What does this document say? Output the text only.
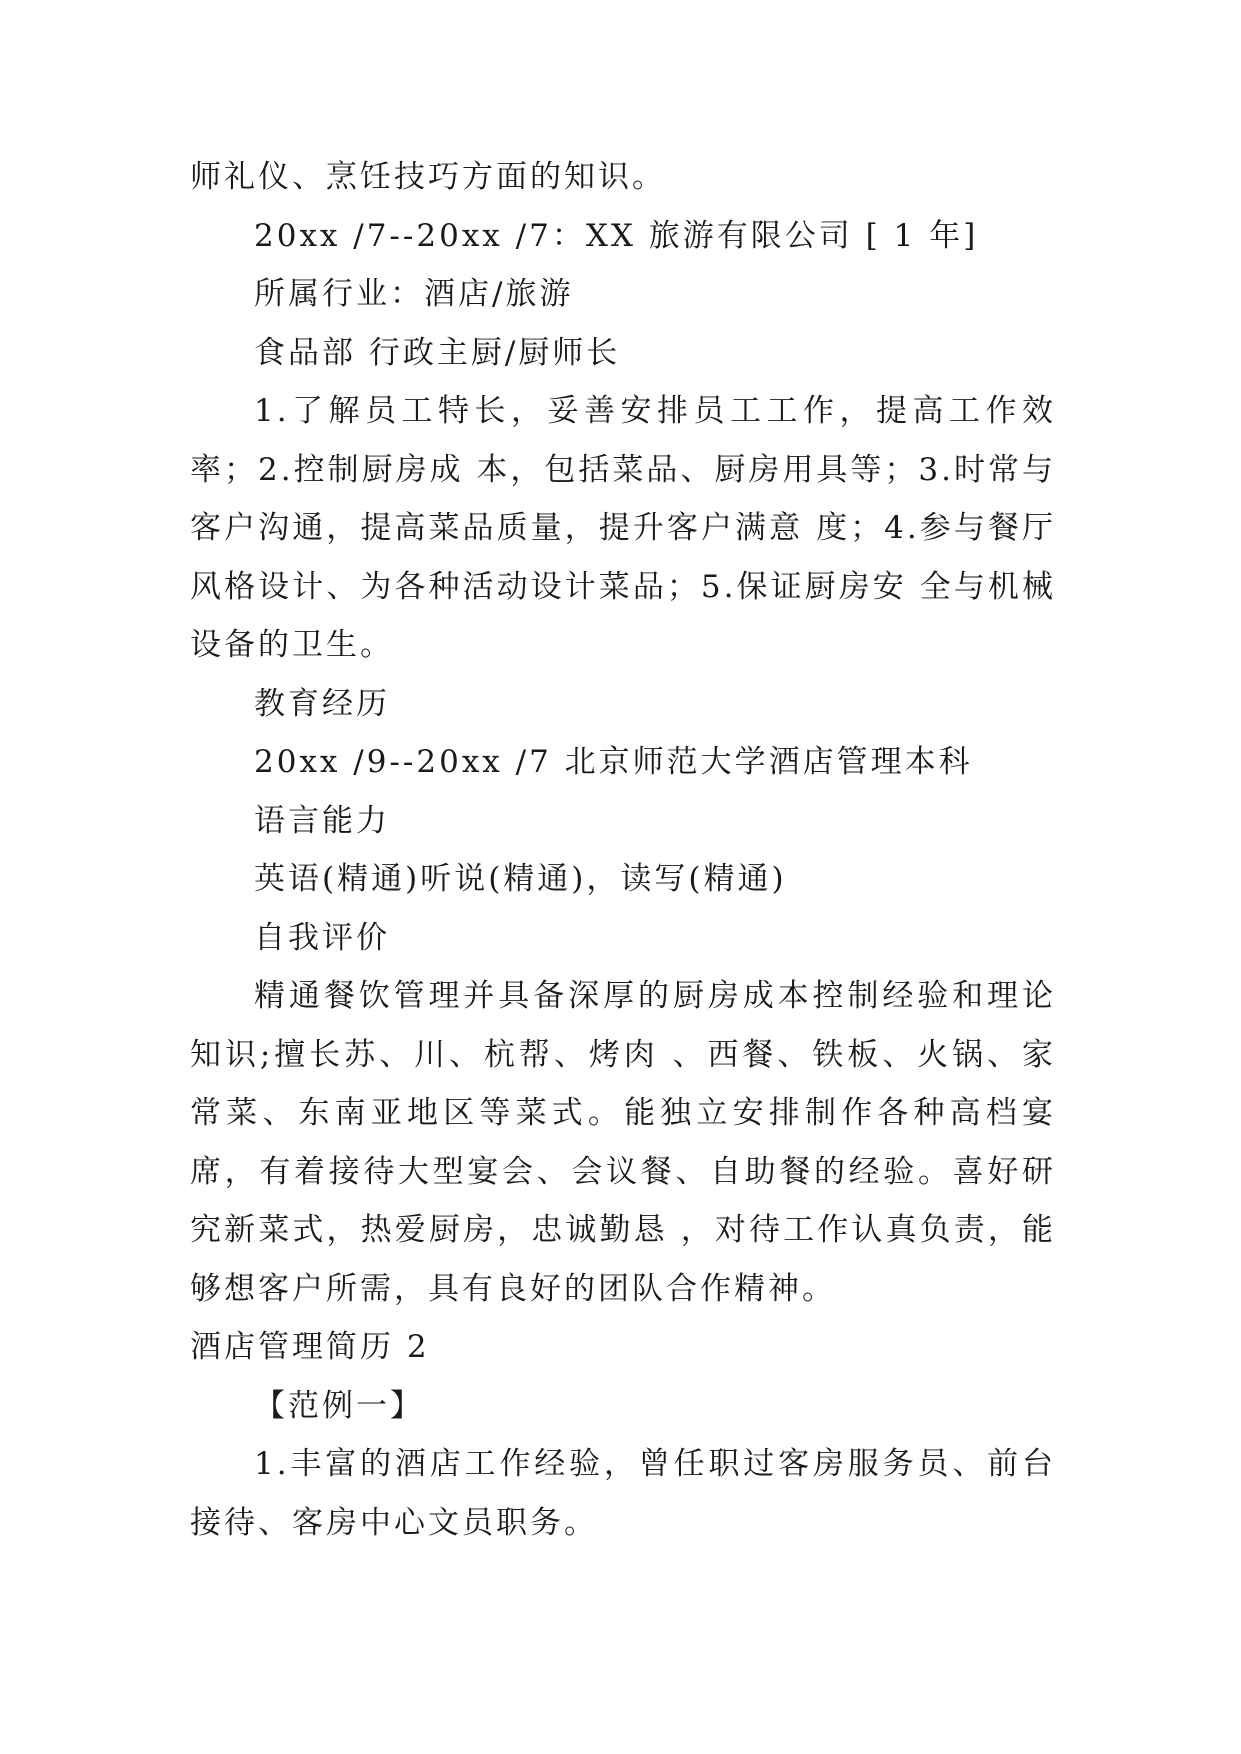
师礼仪、烹饪技巧方面的知识。

20xx /7--20xx /7：XX 旅游有限公司 [ 1 年]

所属行业：酒店/旅游

食品部 行政主厨/厨师长

1.了解员工特长，妥善安排员工工作，提高工作效率；2.控制厨房成 本，包括菜品、厨房用具等；3.时常与客户沟通，提高菜品质量，提升客户满意 度；4.参与餐厅风格设计、为各种活动设计菜品；5.保证厨房安 全与机械设备的卫生。

教育经历

20xx /9--20xx /7 北京师范大学酒店管理本科

语言能力

英语(精通)听说(精通)，读写(精通)

自我评价

精通餐饮管理并具备深厚的厨房成本控制经验和理论知识;擅长苏、川、杭帮、烤肉 、西餐、铁板、火锅、家常菜、东南亚地区等菜式。能独立安排制作各种高档宴席，有着接待大型宴会、会议餐、自助餐的经验。喜好研究新菜式，热爱厨房，忠诚勤恳 ，对待工作认真负责，能够想客户所需，具有良好的团队合作精神。

酒店管理简历 2

【范例一】

1.丰富的酒店工作经验，曾任职过客房服务员、前台接待、客房中心文员职务。
